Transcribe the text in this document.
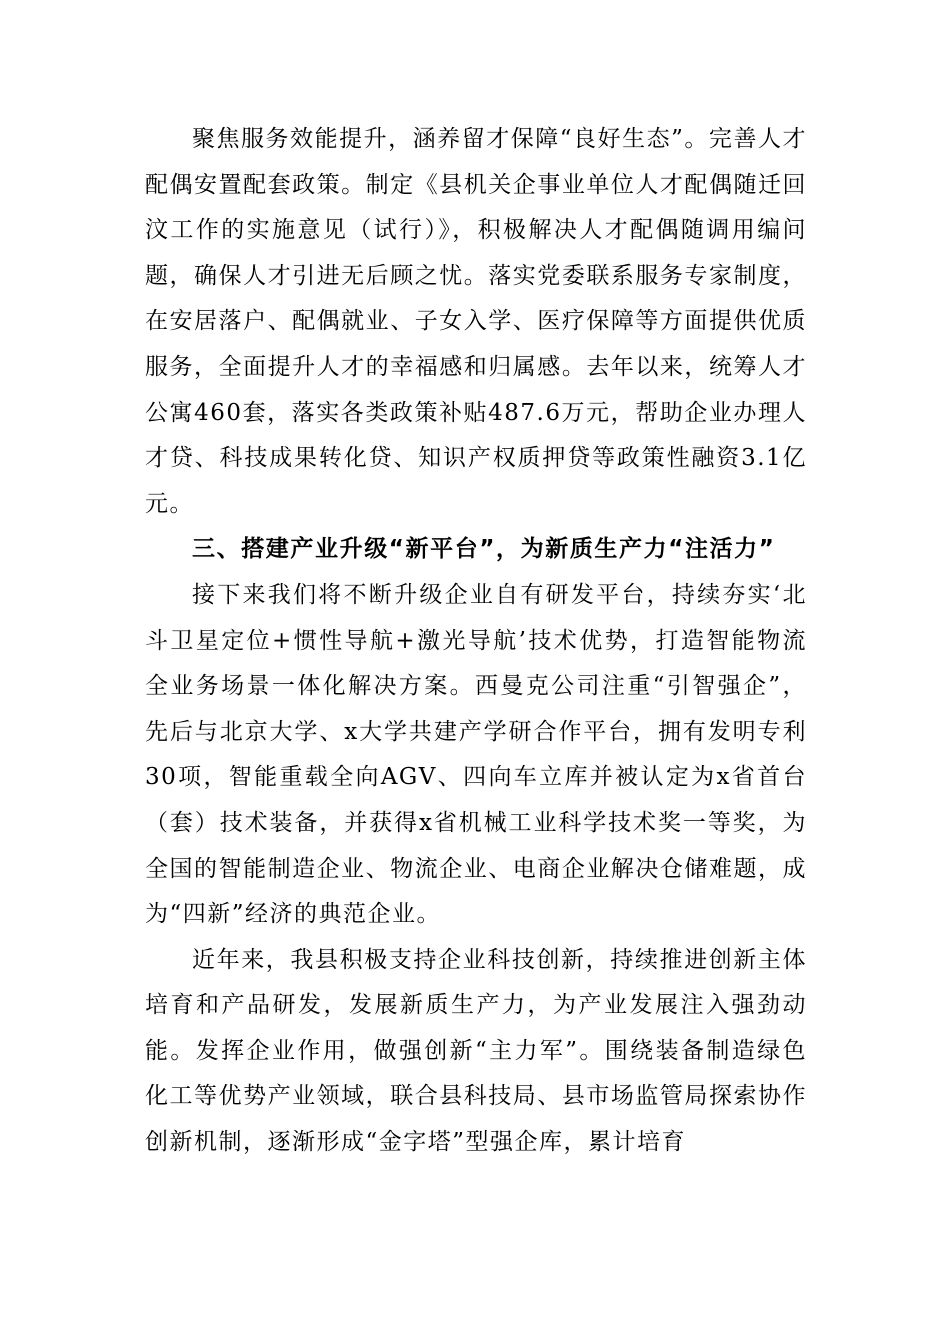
聚焦服务效能提升，涵养留才保障“良好生态”。完善人才配偶安置配套政策。制定《县机关企事业单位人才配偶随迁回汶工作的实施意见（试行）》，积极解决人才配偶随调用编问题，确保人才引进无后顾之忧。落实党委联系服务专家制度，在安居落户、配偶就业、子女入学、医疗保障等方面提供优质服务，全面提升人才的幸福感和归属感。去年以来，统筹人才公寓460套，落实各类政策补贴487.6万元，帮助企业办理人才贷、科技成果转化贷、知识产权质押贷等政策性融资3.1亿元。

三、搭建产业升级“新平台”，为新质生产力“注活力”

接下来我们将不断升级企业自有研发平台，持续夯实‘北斗卫星定位+惯性导航+激光导航’技术优势，打造智能物流全业务场景一体化解决方案。西曼克公司注重“引智强企”，先后与北京大学、x大学共建产学研合作平台，拥有发明专利30项，智能重载全向AGV、四向车立库并被认定为x省首台（套）技术装备，并获得x省机械工业科学技术奖一等奖，为全国的智能制造企业、物流企业、电商企业解决仓储难题，成为“四新”经济的典范企业。

近年来，我县积极支持企业科技创新，持续推进创新主体培育和产品研发，发展新质生产力，为产业发展注入强劲动能。发挥企业作用，做强创新“主力军”。围绕装备制造绿色化工等优势产业领域，联合县科技局、县市场监管局探索协作创新机制，逐渐形成“金字塔”型强企库，累计培育
